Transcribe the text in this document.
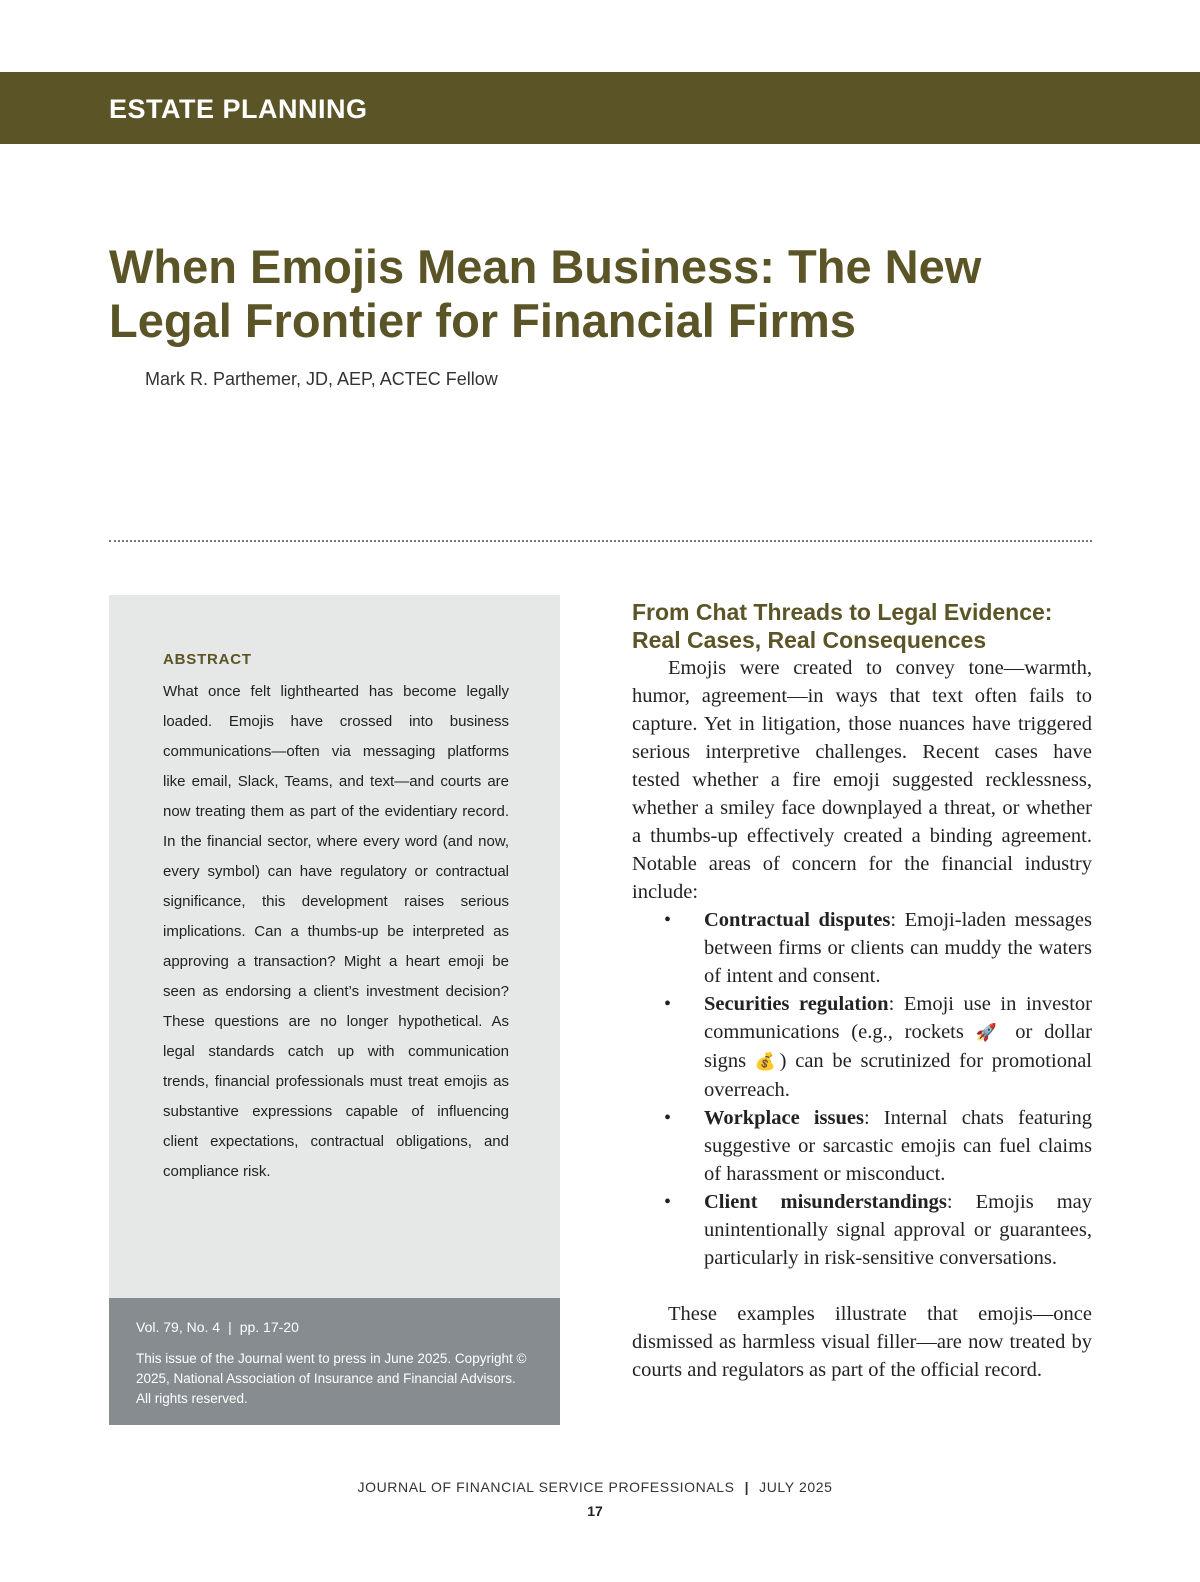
ESTATE PLANNING
When Emojis Mean Business: The New
Legal Frontier for Financial Firms
Mark R. Parthemer, JD, AEP, ACTEC Fellow
ABSTRACT
What once felt lighthearted has become legally loaded. Emojis have crossed into business communications—often via messaging platforms like email, Slack, Teams, and text—and courts are now treating them as part of the evidentiary record. In the financial sector, where every word (and now, every symbol) can have regulatory or contractual significance, this development raises serious implications. Can a thumbs-up be interpreted as approving a transaction? Might a heart emoji be seen as endorsing a client’s investment decision? These questions are no longer hypothetical. As legal standards catch up with communication trends, financial professionals must treat emojis as substantive expressions capable of influencing client expectations, contractual obligations, and compliance risk.
Vol. 79, No. 4 | pp. 17-20
This issue of the Journal went to press in June 2025. Copyright © 2025, National Association of Insurance and Financial Advisors. All rights reserved.
From Chat Threads to Legal Evidence:
Real Cases, Real Consequences

Emojis were created to convey tone—warmth, humor, agreement—in ways that text often fails to capture. Yet in litigation, those nuances have triggered serious interpretive challenges. Recent cases have tested whether a fire emoji suggested recklessness, whether a smiley face downplayed a threat, or whether a thumbs-up effectively created a binding agreement. Notable areas of concern for the financial industry include:

• Contractual disputes: Emoji-laden messages between firms or clients can muddy the waters of intent and consent.
• Securities regulation: Emoji use in investor communications (e.g., rockets 🚀 or dollar signs 💰) can be scrutinized for promotional overreach.
• Workplace issues: Internal chats featuring suggestive or sarcastic emojis can fuel claims of harassment or misconduct.
• Client misunderstandings: Emojis may unintentionally signal approval or guarantees, particularly in risk-sensitive conversations.

These examples illustrate that emojis—once dismissed as harmless visual filler—are now treated by courts and regulators as part of the official record.

JOURNAL OF FINANCIAL SERVICE PROFESSIONALS | JULY 2025
17
